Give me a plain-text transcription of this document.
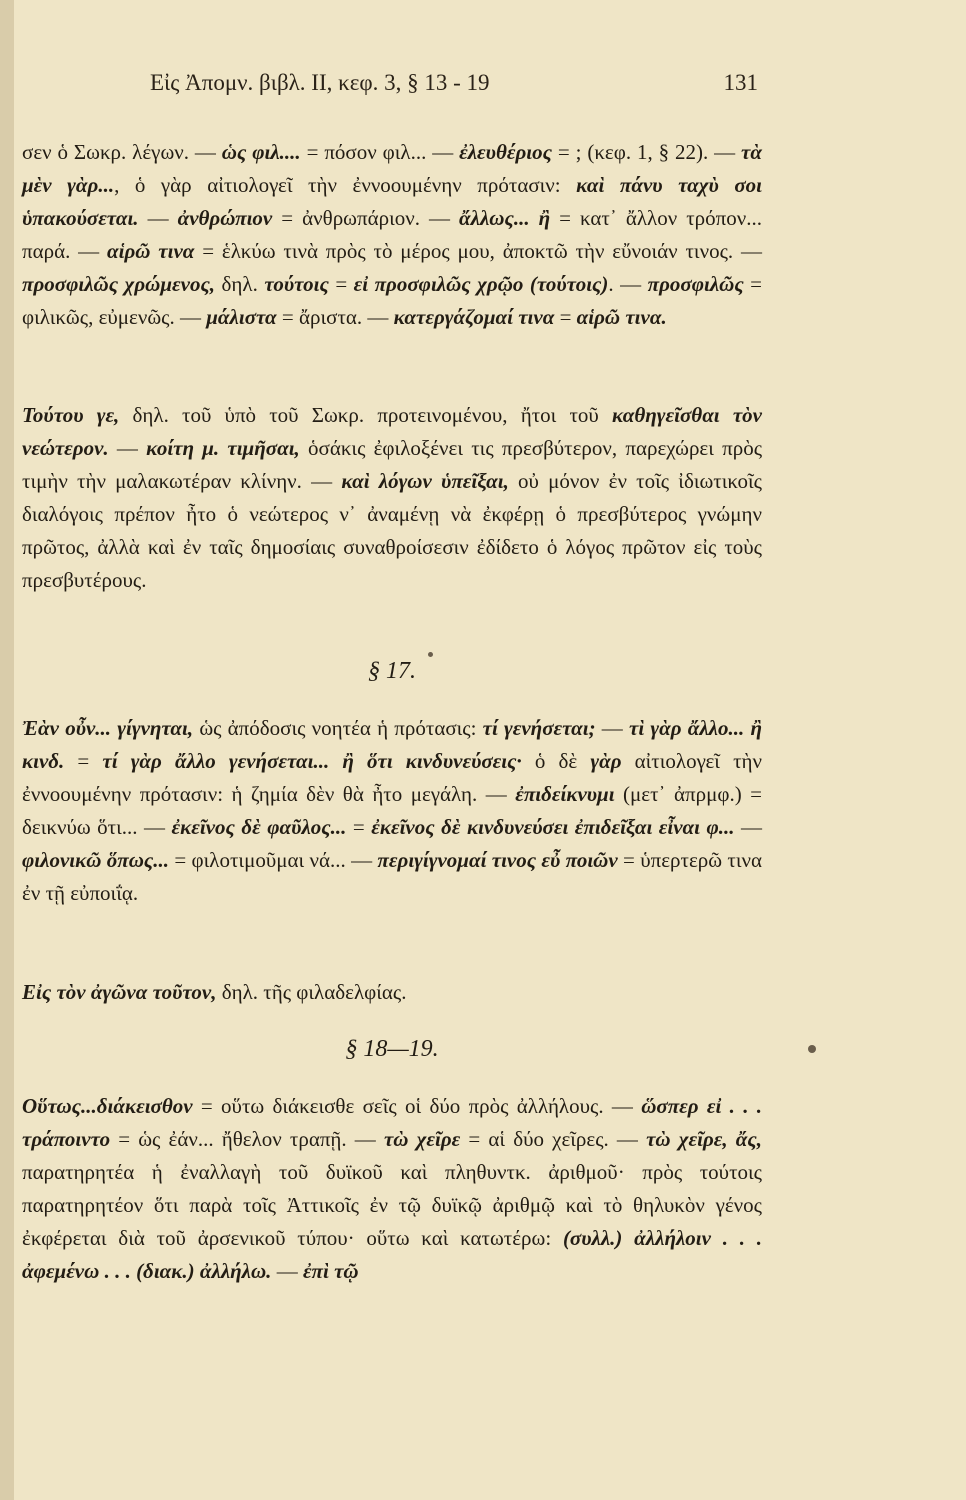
Εἰς Ἀπομν. βιβλ. II, κεφ. 3, § 13 - 19	131

σεν ὁ Σωκρ. λέγων. — ὡς φιλ.... = πόσον φιλ... — ἐλευθέριος = ; (κεφ. 1, § 22). — τὰ μὲν γὰρ..., ὁ γὰρ αἰτιολογεῖ τὴν ἐννοουμένην πρότασιν: καὶ πάνυ ταχὺ σοι ὑπακούσεται. — ἀνθρώπιον = ἀνθρωπάριον. — ἄλλως... ἢ = κατ᾽ ἄλλον τρόπον... παρά. — αἱρῶ τινα = ἑλκύω τινὰ πρὸς τὸ μέρος μου, ἀποκτῶ τὴν εὔνοιάν τινος. — προσφιλῶς χρώμενος, δηλ. τούτοις = εἰ προσφιλῶς χρῷο (τούτοις). — προσφιλῶς = φιλικῶς, εὐμενῶς. — μάλιστα = ἄριστα. — κατεργάζομαί τινα = αἱρῶ τινα.

Τούτου γε, δηλ. τοῦ ὑπὸ τοῦ Σωκρ. προτεινομένου, ἤτοι τοῦ καθηγεῖσθαι τὸν νεώτερον. — κοίτη μ. τιμῆσαι, ὁσάκις ἐφιλοξένει τις πρεσβύτερον, παρεχώρει πρὸς τιμὴν τὴν μαλακωτέραν κλίνην. — καὶ λόγων ὑπεῖξαι, οὐ μόνον ἐν τοῖς ἰδιωτικοῖς διαλόγοις πρέπον ἦτο ὁ νεώτερος ν᾽ ἀναμένῃ νὰ ἐκφέρῃ ὁ πρεσβύτερος γνώμην πρῶτος, ἀλλὰ καὶ ἐν ταῖς δημοσίαις συναθροίσεσιν ἐδίδετο ὁ λόγος πρῶτον εἰς τοὺς πρεσβυτέρους.

§ 17.

Ἐὰν οὖν... γίγνηται, ὡς ἀπόδοσις νοητέα ἡ πρότασις: τί γενήσεται; — τὶ γὰρ ἄλλο... ἢ κινδ. = τί γὰρ ἄλλο γενήσεται... ἢ ὅτι κινδυνεύσεις· ὁ δὲ γὰρ αἰτιολογεῖ τὴν ἐννοουμένην πρότασιν: ἡ ζημία δὲν θὰ ἦτο μεγάλη. — ἐπιδείκνυμι (μετ᾽ ἀπρμφ.) = δεικνύω ὅτι... — ἐκεῖνος δὲ φαῦλος... = ἐκεῖνος δὲ κινδυνεύσει ἐπιδεῖξαι εἶναι φ... — φιλονικῶ ὅπως... = φιλοτιμοῦμαι νά... — περιγίγνομαί τινος εὖ ποιῶν = ὑπερτερῶ τινα ἐν τῇ εὐποιΐᾳ.

Εἰς τὸν ἀγῶνα τοῦτον, δηλ. τῆς φιλαδελφίας.

§ 18—19.

Οὕτως...διάκεισθον = οὕτω διάκεισθε σεῖς οἱ δύο πρὸς ἀλλήλους. — ὥσπερ εἰ . . . τράποιντο = ὡς ἐάν... ἤθελον τραπῇ. — τὼ χεῖρε = αἱ δύο χεῖρες. — τὼ χεῖρε, ἄς, παρατηρητέα ἡ ἐναλλαγὴ τοῦ δυϊκοῦ καὶ πληθυντκ. ἀριθμοῦ· πρὸς τούτοις παρατηρητέον ὅτι παρὰ τοῖς Ἀττικοῖς ἐν τῷ δυϊκῷ ἀριθμῷ καὶ τὸ θηλυκὸν γένος ἐκφέρεται διὰ τοῦ ἀρσενικοῦ τύπου· οὕτω καὶ κατωτέρω: (συλλ.) ἀλλήλοιν . . . ἀφεμένω . . . (διακ.) ἀλλήλω. — ἐπὶ τῷ
